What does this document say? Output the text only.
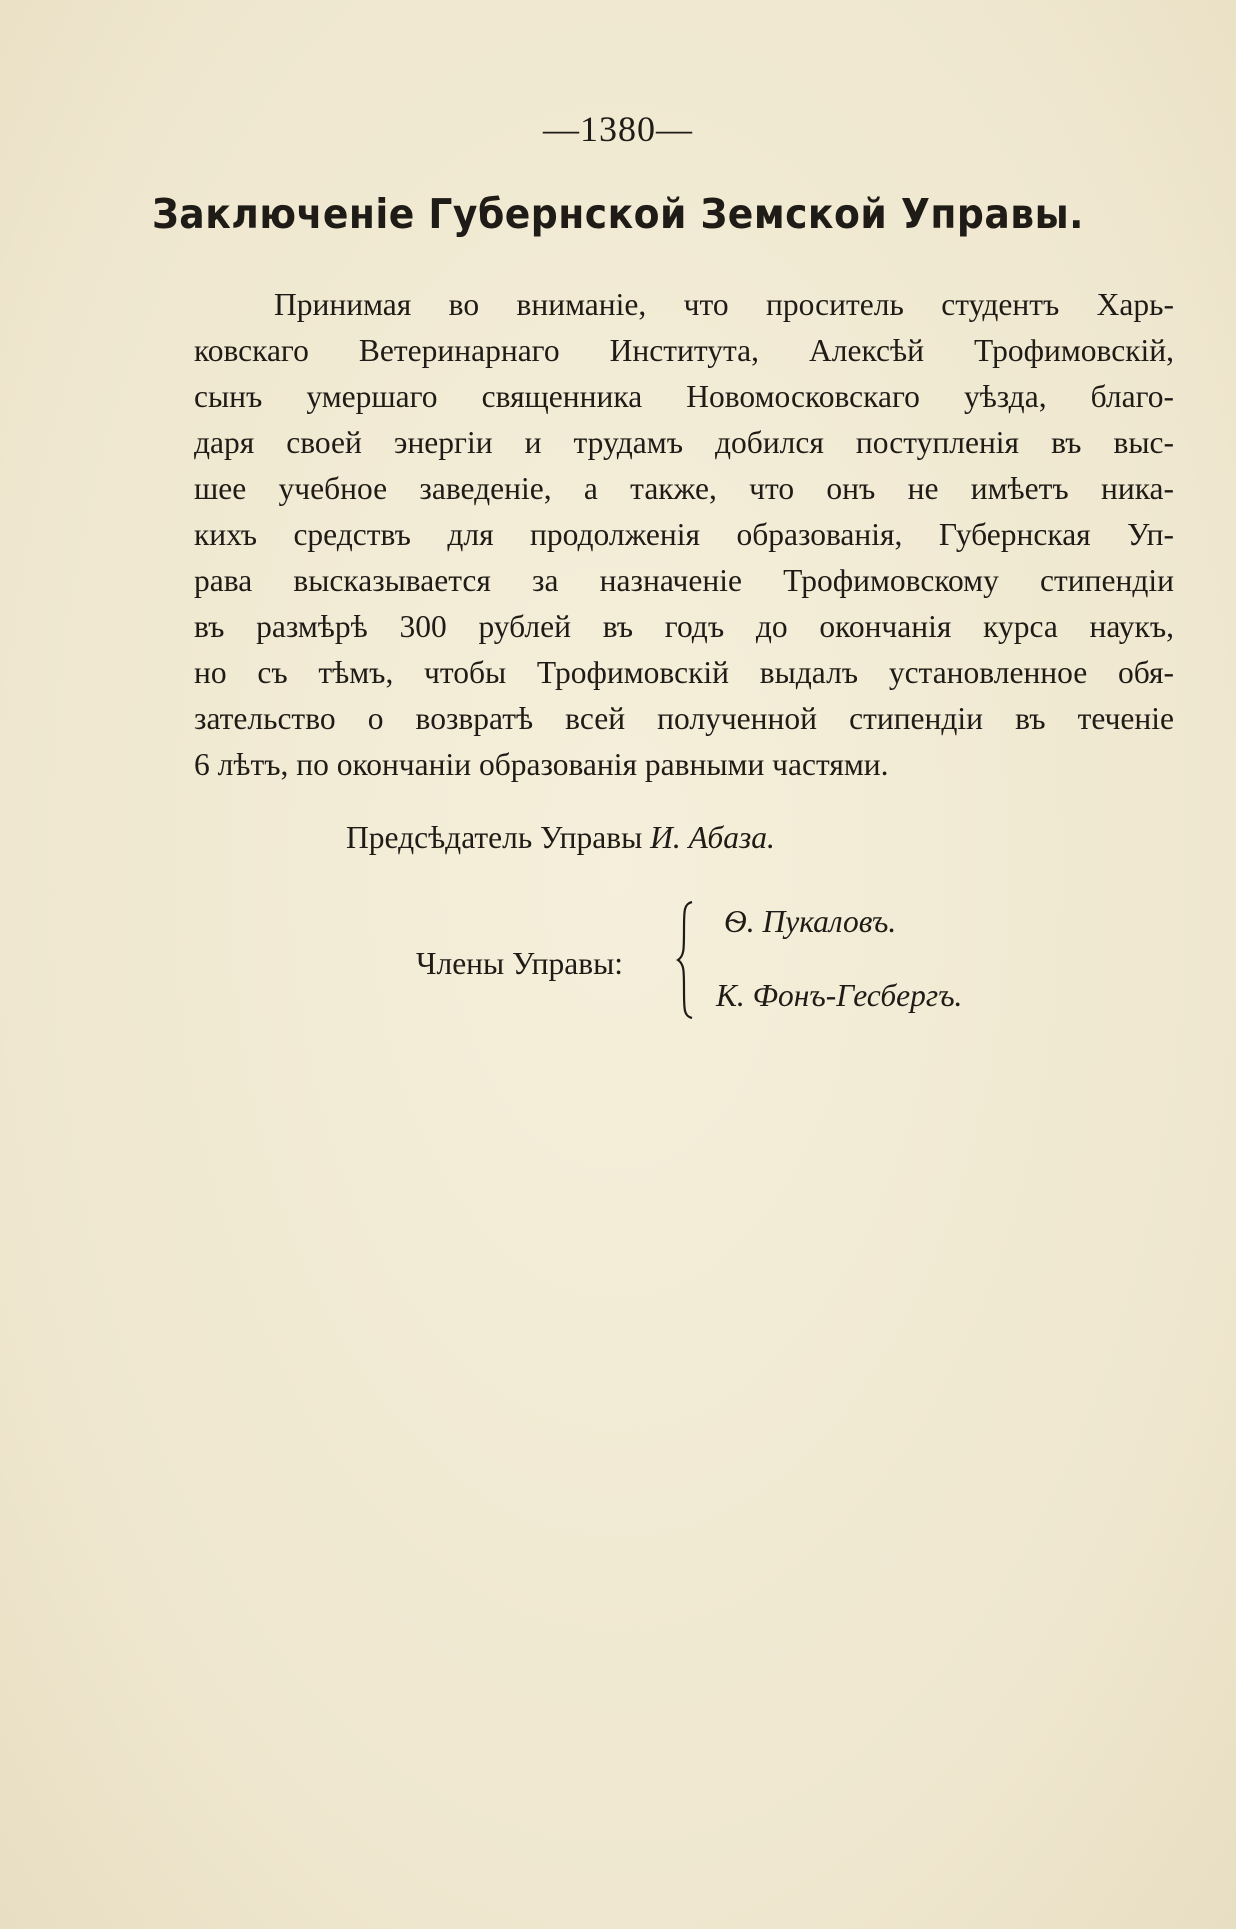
—1380—
Заключенiе Губернской Земской Управы.
Принимая во вниманiе, что проситель студентъ Харь-
ковскаго Ветеринарнаго Института, Алексѣй Трофимовскiй,
сынъ умершаго священника Новомосковскаго уѣзда, благо-
даря своей энергiи и трудамъ добился поступленiя въ выс-
шее учебное заведенiе, а также, что онъ не имѣетъ ника-
кихъ средствъ для продолженiя образованiя, Губернская Уп-
рава высказывается за назначенiе Трофимовскому стипендiи
въ размѣрѣ 300 рублей въ годъ до окончанiя курса наукъ,
но съ тѣмъ, чтобы Трофимовскiй выдалъ установленное обя-
зательство о возвратѣ всей полученной стипендiи въ теченiе
6 лѣтъ, по окончанiи образованiя равными частями.
Предсѣдатель Управы И. Абаза.
Члены Управы:
Ѳ. Пукаловъ.
К. Фонъ-Гесбергъ.
